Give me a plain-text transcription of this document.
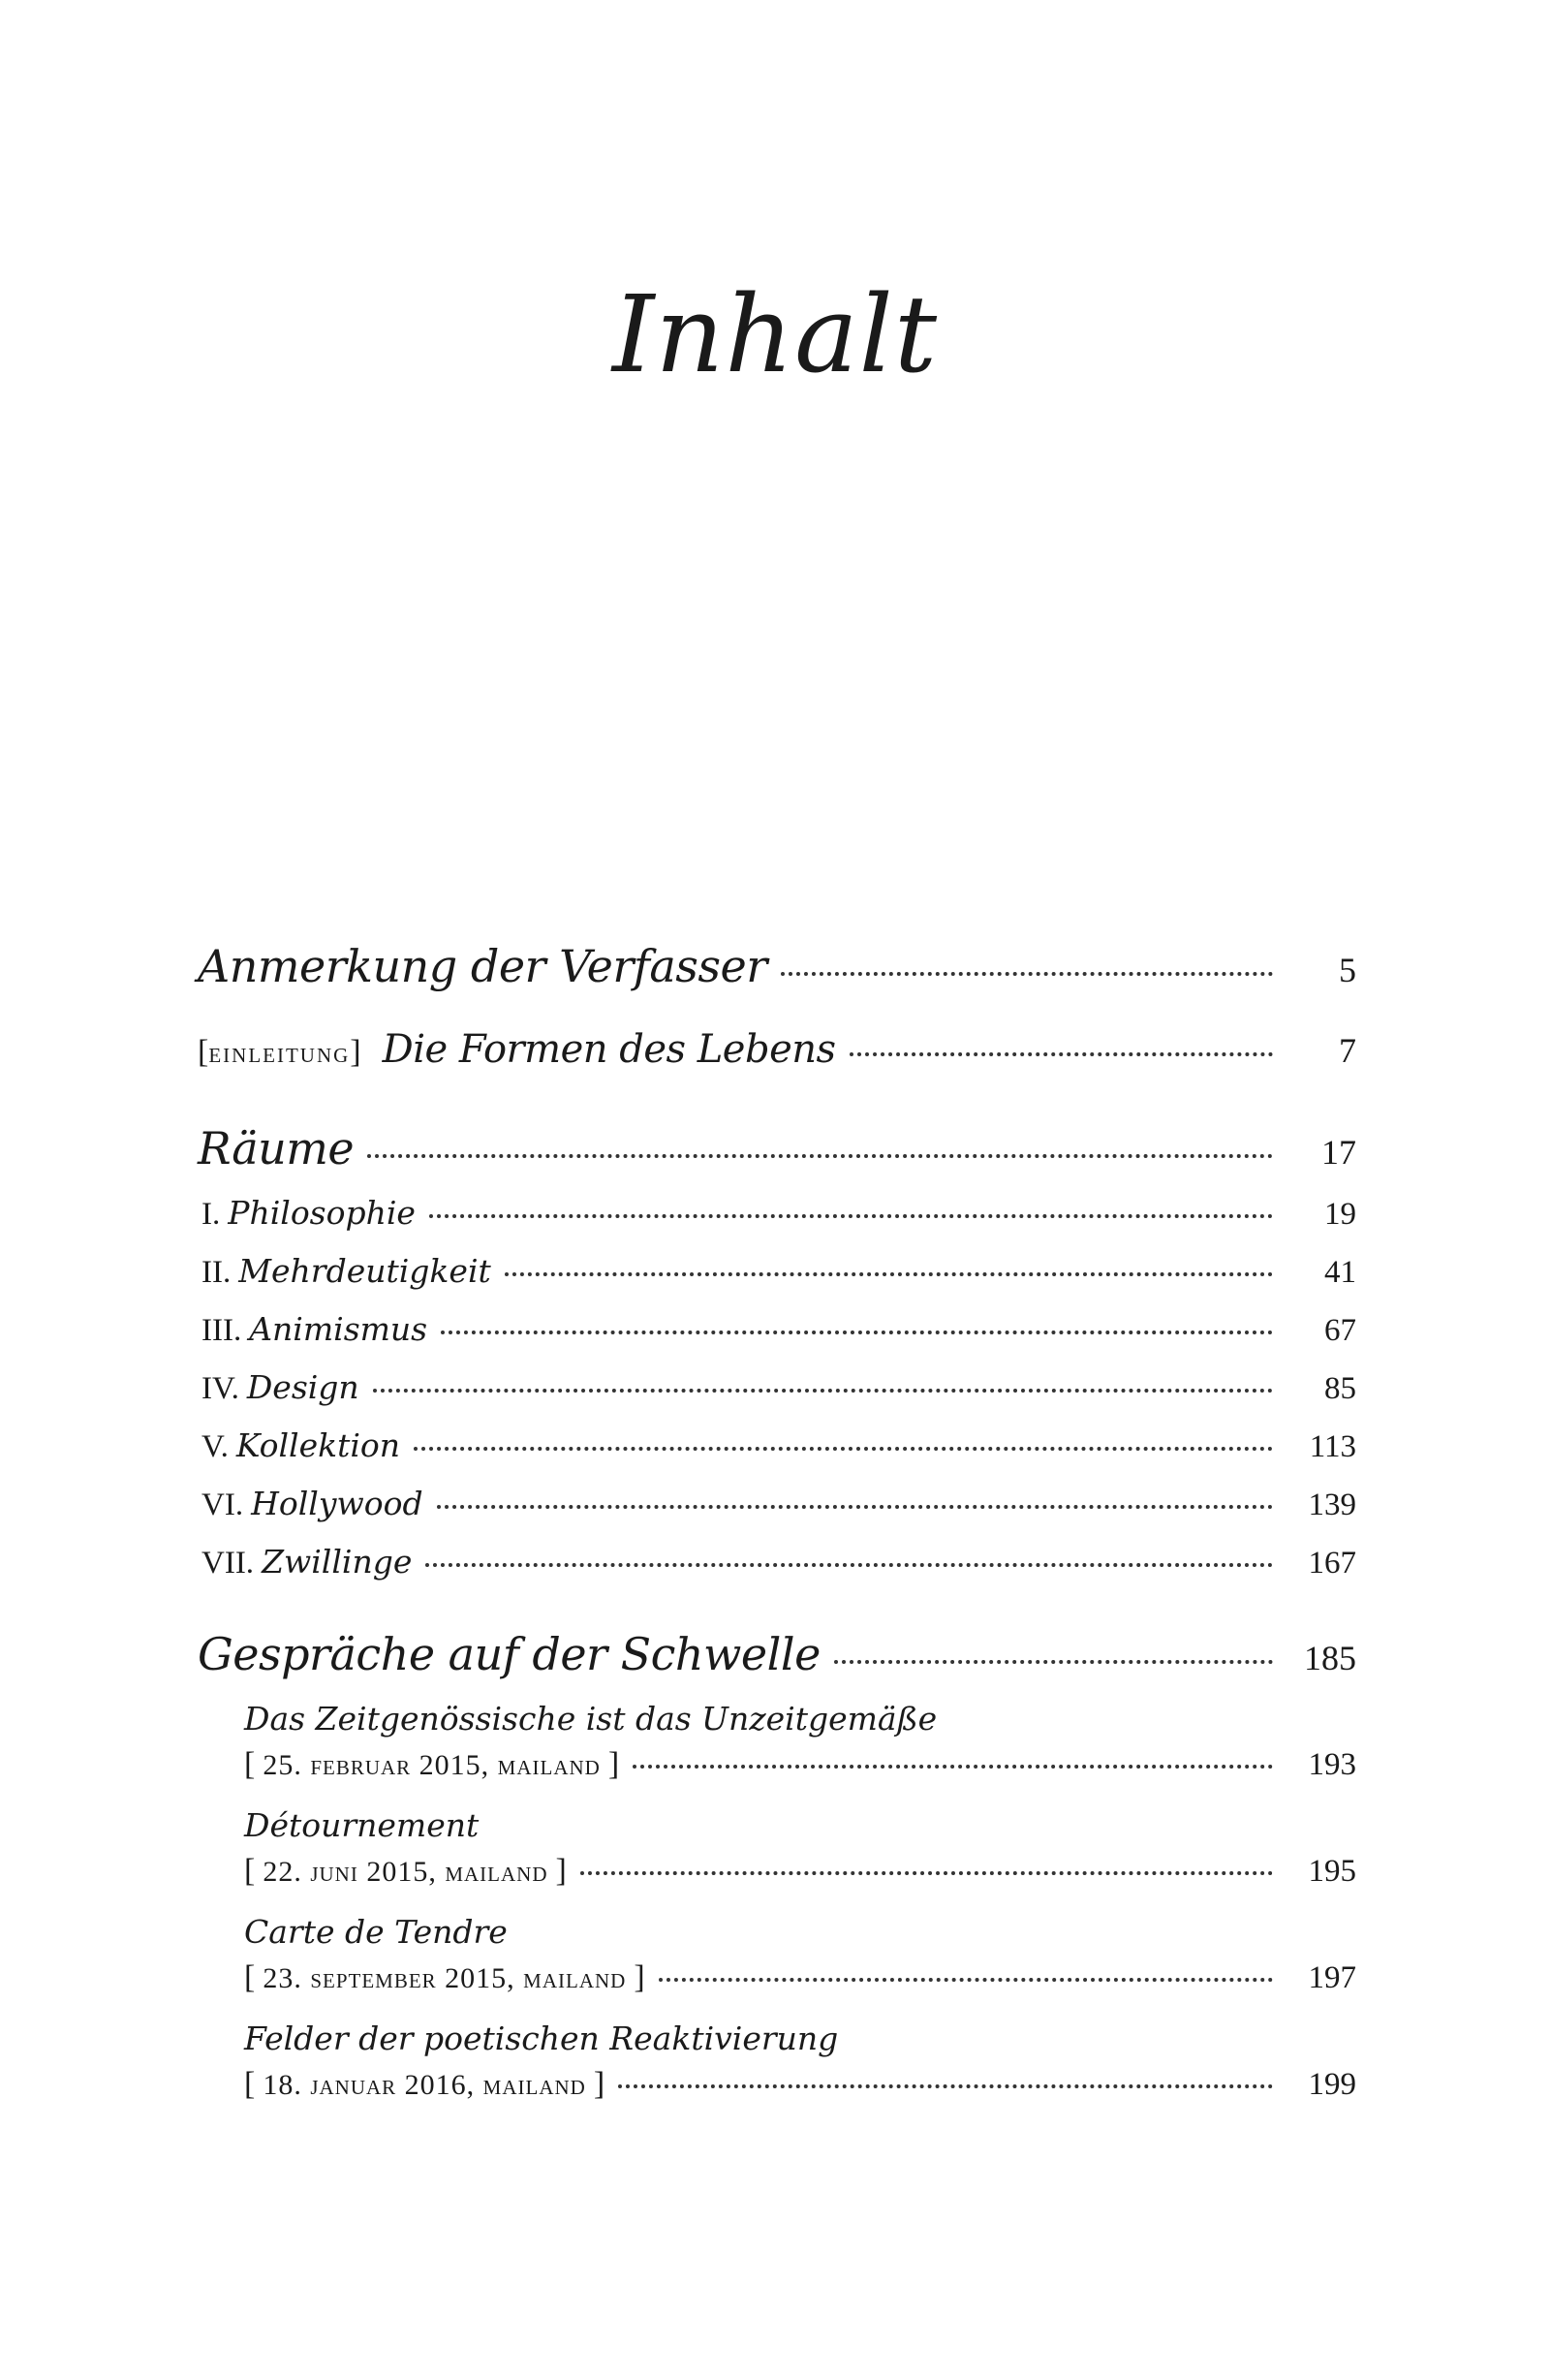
Inhalt
Anmerkung der Verfasser	5
[ einleitung ] Die Formen des Lebens	7
Räume	17
I. Philosophie	19
II. Mehrdeutigkeit	41
III. Animismus	67
IV. Design	85
V. Kollektion	113
VI. Hollywood	139
VII. Zwillinge	167
Gespräche auf der Schwelle	185
Das Zeitgenössische ist das Unzeitgemäße
[ 25. februar 2015, mailand ]	193
Détournement
[ 22. juni 2015, mailand ]	195
Carte de Tendre
[ 23. september 2015, mailand ]	197
Felder der poetischen Reaktivierung
[ 18. januar 2016, mailand ]	199
